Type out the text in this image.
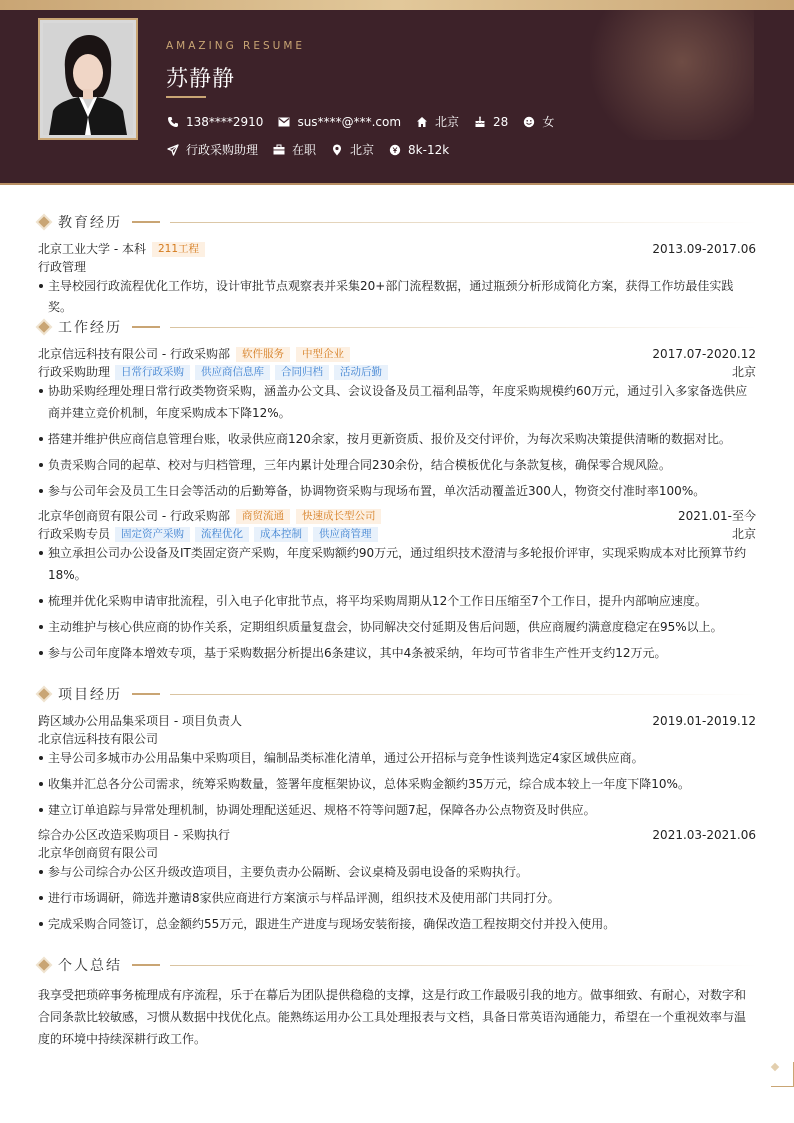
AMAZING RESUME
苏静静
138****2910	sus****@***.com	北京	28	女
行政采购助理	在职	北京	8k-12k
教育经历
北京工业大学 - 本科	211工程	2013.09-2017.06
行政管理
主导校园行政流程优化工作坊，设计审批节点观察表并采集20+部门流程数据，通过瓶颈分析形成简化方案，获得工作坊最佳实践奖。
工作经历
北京信远科技有限公司 - 行政采购部	软件服务	中型企业	2017.07-2020.12
行政采购助理	日常行政采购	供应商信息库	合同归档	活动后勤	北京
协助采购经理处理日常行政类物资采购，涵盖办公文具、会议设备及员工福利品等，年度采购规模约60万元，通过引入多家备选供应
商并建立竞价机制，年度采购成本下降12%。
搭建并维护供应商信息管理台账，收录供应商120余家，按月更新资质、报价及交付评价，为每次采购决策提供清晰的数据对比。
负责采购合同的起草、校对与归档管理，三年内累计处理合同230余份，结合模板优化与条款复核，确保零合规风险。
参与公司年会及员工生日会等活动的后勤筹备，协调物资采购与现场布置，单次活动覆盖近300人，物资交付准时率100%。
北京华创商贸有限公司 - 行政采购部	商贸流通	快速成长型公司	2021.01-至今
行政采购专员	固定资产采购	流程优化	成本控制	供应商管理	北京
独立承担公司办公设备及IT类固定资产采购，年度采购额约90万元，通过组织技术澄清与多轮报价评审，实现采购成本对比预算节约
18%。
梳理并优化采购申请审批流程，引入电子化审批节点，将平均采购周期从12个工作日压缩至7个工作日，提升内部响应速度。
主动维护与核心供应商的协作关系，定期组织质量复盘会，协同解决交付延期及售后问题，供应商履约满意度稳定在95%以上。
参与公司年度降本增效专项，基于采购数据分析提出6条建议，其中4条被采纳，年均可节省非生产性开支约12万元。
项目经历
跨区域办公用品集采项目 - 项目负责人	2019.01-2019.12
北京信远科技有限公司
主导公司多城市办公用品集中采购项目，编制品类标准化清单，通过公开招标与竞争性谈判选定4家区域供应商。
收集并汇总各分公司需求，统筹采购数量，签署年度框架协议，总体采购金额约35万元，综合成本较上一年度下降10%。
建立订单追踪与异常处理机制，协调处理配送延迟、规格不符等问题7起，保障各办公点物资及时供应。
综合办公区改造采购项目 - 采购执行	2021.03-2021.06
北京华创商贸有限公司
参与公司综合办公区升级改造项目，主要负责办公隔断、会议桌椅及弱电设备的采购执行。
进行市场调研，筛选并邀请8家供应商进行方案演示与样品评测，组织技术及使用部门共同打分。
完成采购合同签订，总金额约55万元，跟进生产进度与现场安装衔接，确保改造工程按期交付并投入使用。
个人总结
我享受把琐碎事务梳理成有序流程，乐于在幕后为团队提供稳稳的支撑，这是行政工作最吸引我的地方。做事细致、有耐心，对数字和合同条款比较敏感，习惯从数据中找优化点。能熟练运用办公工具处理报表与文档，具备日常英语沟通能力，希望在一个重视效率与温度的环境中持续深耕行政工作。
